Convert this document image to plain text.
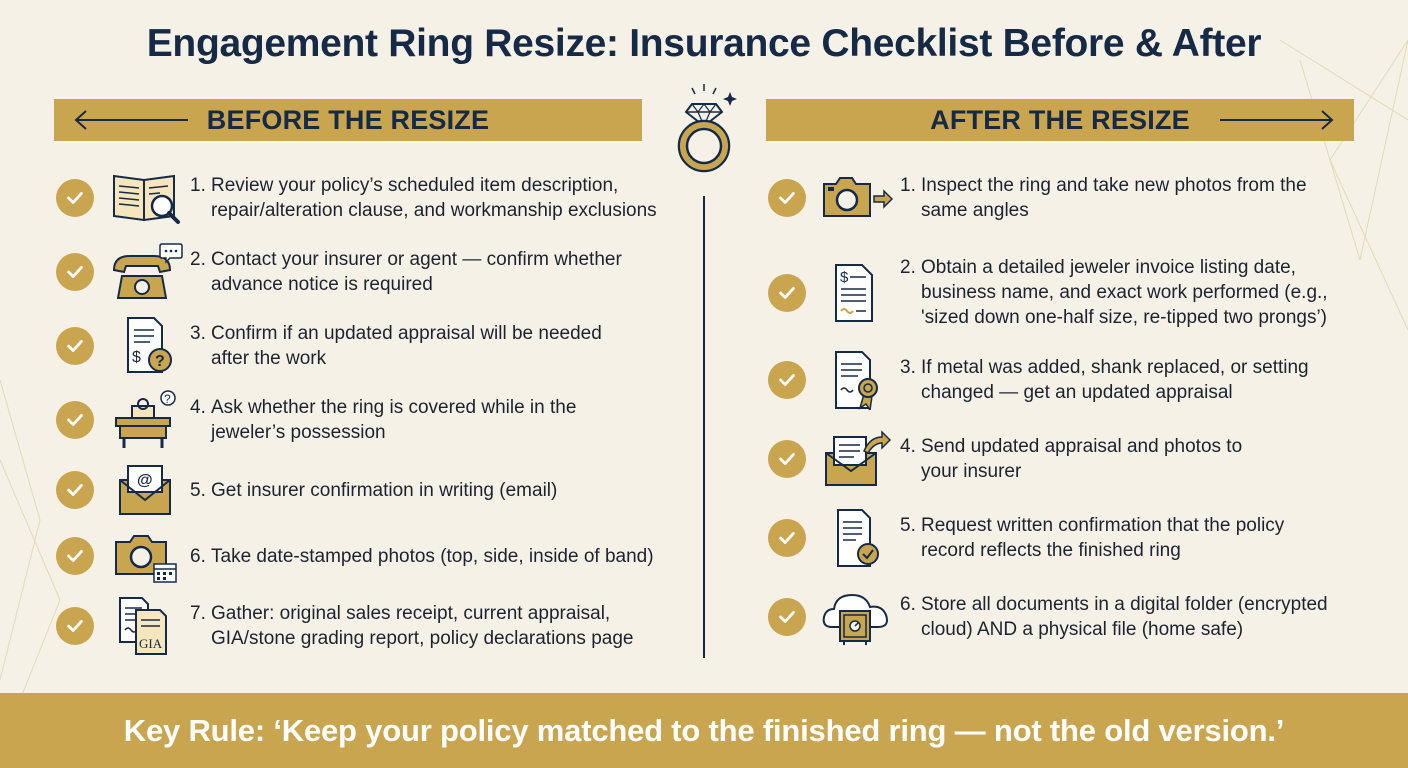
Engagement Ring Resize: Insurance Checklist Before & After
BEFORE THE RESIZE	AFTER THE RESIZE
1. Review your policy’s scheduled item description,
repair/alteration clause, and workmanship exclusions
2. Contact your insurer or agent — confirm whether
advance notice is required
$ ?
3. Confirm if an updated appraisal will be needed
after the work
? 4. Ask whether the ring is covered while in the
jeweler’s possession
@ 5. Get insurer confirmation in writing (email)
6. Take date-stamped photos (top, side, inside of band)
GIA
7. Gather: original sales receipt, current appraisal,
GIA/stone grading report, policy declarations page
1. Inspect the ring and take new photos from the
same angles
$	2. Obtain a detailed jeweler invoice listing date,
business name, and exact work performed (e.g.,
'sized down one-half size, re-tipped two prongs’)
3. If metal was added, shank replaced, or setting
changed — get an updated appraisal
4. Send updated appraisal and photos to
your insurer
5. Request written confirmation that the policy
record reflects the finished ring
6. Store all documents in a digital folder (encrypted
cloud) AND a physical file (home safe)
Key Rule: ‘Keep your policy matched to the finished ring — not the old version.’
